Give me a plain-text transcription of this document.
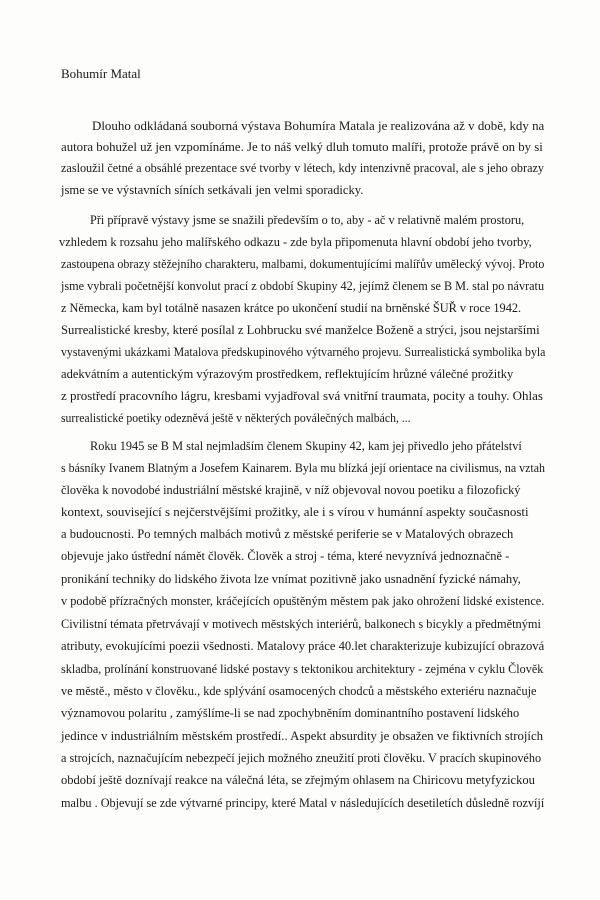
Bohumír Matal
Dlouho odkládaná souborná výstava Bohumíra Matala je realizována až v době, kdy na
autora bohužel už jen vzpomínáme. Je to náš velký dluh tomuto malíři, protože právě on by si
zasloužil četné a obsáhlé prezentace své tvorby v létech, kdy intenzivně pracoval, ale s jeho obrazy
jsme se ve výstavních síních setkávali jen velmi sporadicky.
Při přípravě výstavy jsme se snažili především o to, aby - ač v relativně malém prostoru,
vzhledem k rozsahu jeho malířského odkazu - zde byla připomenuta hlavní období jeho tvorby,
zastoupena obrazy stěžejního charakteru, malbami, dokumentujícími malířův umělecký vývoj. Proto
jsme vybrali početnější konvolut prací z období Skupiny 42, jejímž členem se B M. stal po návratu
z Německa, kam byl totálně nasazen krátce po ukončení studií na brněnské ŠUŘ v roce 1942.
Surrealistické kresby, které posílal z Lohbrucku své manželce Boženě a strýci, jsou nejstaršími
vystavenými ukázkami Matalova předskupinového výtvarného projevu. Surrealistická symbolika byla
adekvátním a autentickým výrazovým prostředkem, reflektujícím hrůzné válečné prožitky
z prostředí pracovního lágru, kresbami vyjadřoval svá vnitřní traumata, pocity a touhy. Ohlas
surrealistické poetiky odezněvá ještě v některých poválečných malbách, ...
Roku 1945 se B M stal nejmladším členem Skupiny 42, kam jej přivedlo jeho přátelství
s básníky Ivanem Blatným a Josefem Kainarem. Byla mu blízká její orientace na civilismus, na vztah
člověka k novodobé industriální městské krajině, v níž objevoval novou poetiku a filozofický
kontext, související s nejčerstvějšími prožitky, ale i s vírou v humánní aspekty současnosti
a budoucnosti. Po temných malbách motivů z městské periferie se v Matalových obrazech
objevuje jako ústřední námět člověk. Člověk a stroj - téma, které nevyznívá jednoznačně -
pronikání techniky do lidského života lze vnímat pozitivně jako usnadnění fyzické námahy,
v podobě přízračných monster, kráčejících opuštěným městem pak jako ohrožení lidské existence.
Civilistní témata přetrvávají v motivech městských interiérů, balkonech s bicykly a předmětnými
atributy, evokujícími poezii všednosti. Matalovy práce 40.let charakterizuje kubizující obrazová
skladba, prolínání konstruované lidské postavy s tektonikou architektury - zejména v cyklu Člověk
ve městě., město v člověku., kde splývání osamocených chodců a městského exteriéru naznačuje
významovou polaritu , zamýšlíme-li se nad zpochybněním dominantního postavení lidského
jedince v industriálním městském prostředí.. Aspekt absurdity je obsažen ve fiktivních strojích
a strojcích, naznačujícím nebezpečí jejich možného zneužití proti člověku. V pracích skupinového
období ještě doznívají reakce na válečná léta, se zřejmým ohlasem na Chiricovu metyfyzickou
malbu . Objevují se zde výtvarné principy, které Matal v následujících desetiletích důsledně rozvíjí
